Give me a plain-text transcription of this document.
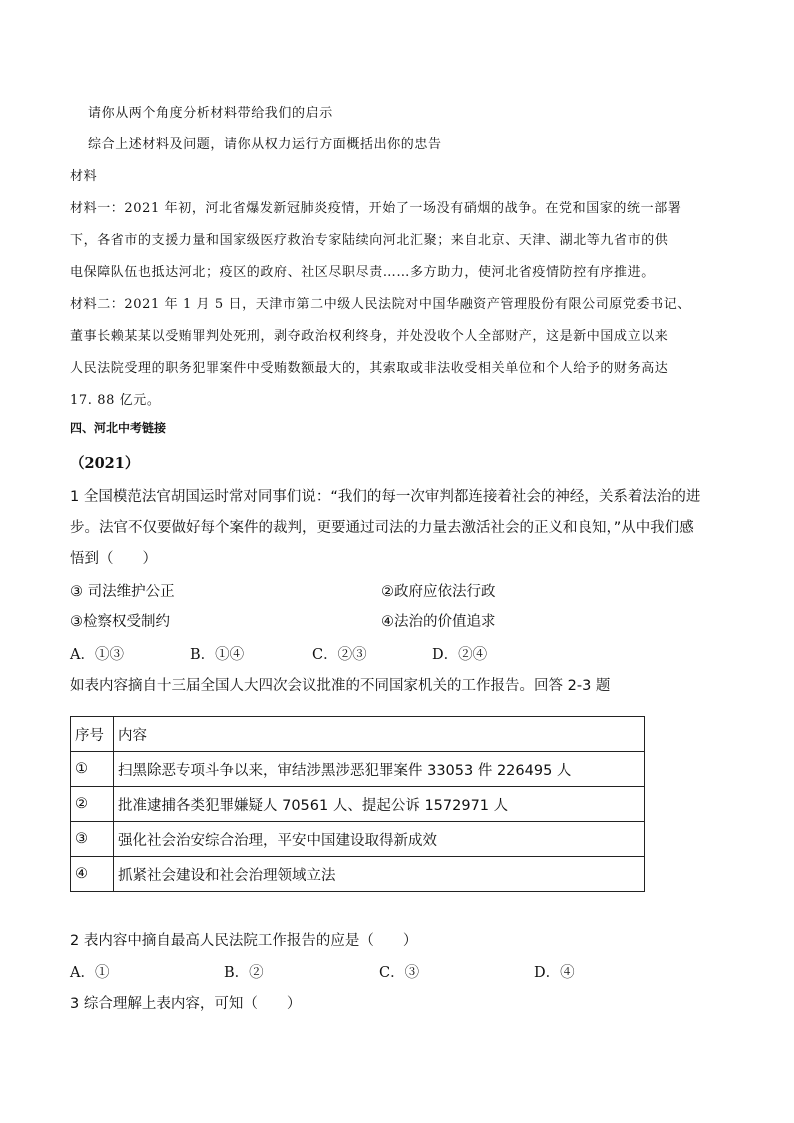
请你从两个角度分析材料带给我们的启示
综合上述材料及问题，请你从权力运行方面概括出你的忠告
材料
材料一：2021 年初，河北省爆发新冠肺炎疫情，开始了一场没有硝烟的战争。在党和国家的统一部署
下，各省市的支援力量和国家级医疗救治专家陆续向河北汇聚；来自北京、天津、湖北等九省市的供
电保障队伍也抵达河北；疫区的政府、社区尽职尽责……多方助力，使河北省疫情防控有序推进。
材料二：2021 年 1 月 5 日，天津市第二中级人民法院对中国华融资产管理股份有限公司原党委书记、
董事长赖某某以受贿罪判处死刑，剥夺政治权利终身，并处没收个人全部财产，这是新中国成立以来
人民法院受理的职务犯罪案件中受贿数额最大的，其索取或非法收受相关单位和个人给予的财务高达
17. 88 亿元。
四、河北中考链接
（2021）
1 全国模范法官胡国运时常对同事们说：“我们的每一次审判都连接着社会的神经，关系着法治的进
步。法官不仅要做好每个案件的裁判，更要通过司法的力量去激活社会的正义和良知，”从中我们感
悟到（　　）
③ 司法维护公正	②政府应依法行政
③检察权受制约	④法治的价值追求
A．①③	B．①④	C．②③	D．②④
如表内容摘自十三届全国人大四次会议批准的不同国家机关的工作报告。回答 2-3 题
序号	内容
①	扫黑除恶专项斗争以来，审结涉黑涉恶犯罪案件 33053 件 226495 人
②	批准逮捕各类犯罪嫌疑人 70561 人、提起公诉 1572971 人
③	强化社会治安综合治理，平安中国建设取得新成效
④	抓紧社会建设和社会治理领域立法
2 表内容中摘自最高人民法院工作报告的应是（　　）
A．①	B．②	C．③	D．④
3 综合理解上表内容，可知（　　）
